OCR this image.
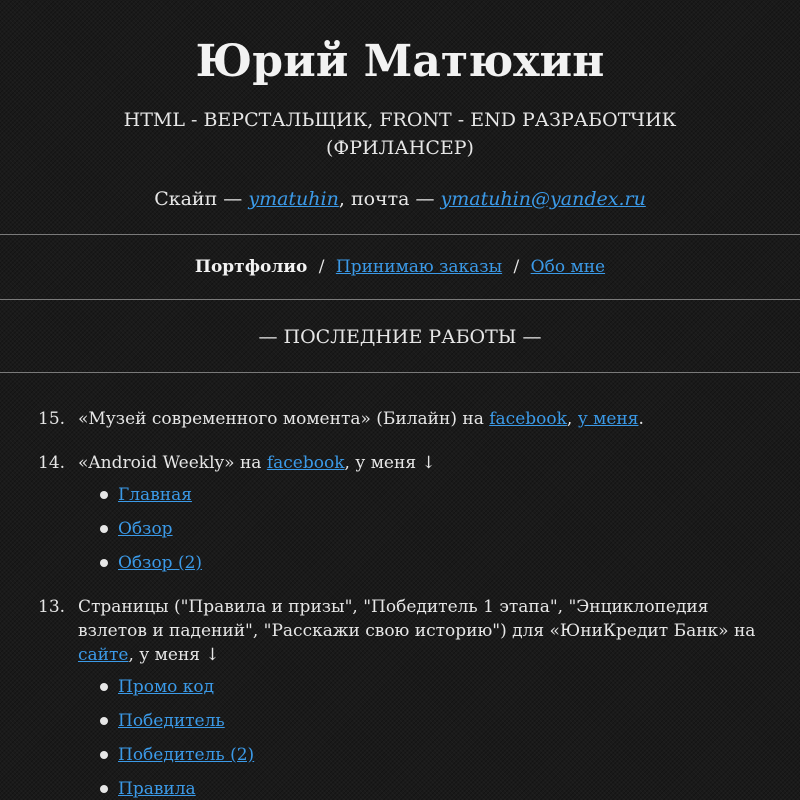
Юрий Матюхин
HTML - ВЕРСТАЛЬЩИК, FRONT - END РАЗРАБОТЧИК (ФРИЛАНСЕР)
Скайп — ymatuhin, почта — ymatuhin@yandex.ru
Портфолио / Принимаю заказы / Обо мне
— ПОСЛЕДНИЕ РАБОТЫ —
15. «Музей современного момента» (Билайн) на facebook, у меня.
14. «Android Weekly» на facebook, у меня ↓
Главная
Обзор
Обзор (2)
13. Страницы ("Правила и призы", "Победитель 1 этапа", "Энциклопедия взлетов и падений", "Расскажи свою историю") для «ЮниКредит Банк» на сайте, у меня ↓
Промо код
Победитель
Победитель (2)
Правила
